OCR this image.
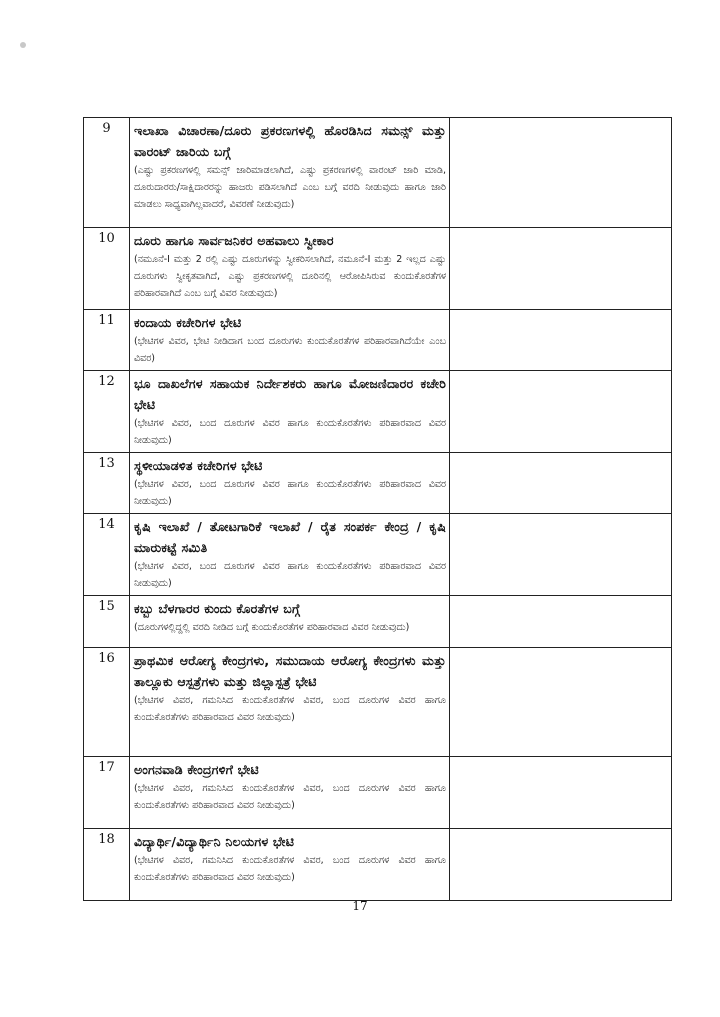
9	ಇಲಾಖಾ ವಿಚಾರಣಾ/ದೂರು ಪ್ರಕರಣಗಳಲ್ಲಿ ಹೊರಡಿಸಿದ ಸಮನ್ಸ್ ಮತ್ತು ವಾರಂಟ್ ಜಾರಿಯ ಬಗ್ಗೆ
(ಎಷ್ಟು ಪ್ರಕರಣಗಳಲ್ಲಿ ಸಮನ್ಸ್ ಜಾರಿಮಾಡಲಾಗಿದೆ, ಎಷ್ಟು ಪ್ರಕರಣಗಳಲ್ಲಿ ವಾರಂಟ್ ಜಾರಿ ಮಾಡಿ, ದೂರುದಾರರು/ಸಾಕ್ಷಿದಾರರನ್ನು ಹಾಜರು ಪಡಿಸಲಾಗಿದೆ ಎಂಬ ಬಗ್ಗೆ ವರದಿ ನೀಡುವುದು ಹಾಗೂ ಜಾರಿ ಮಾಡಲು ಸಾಧ್ಯವಾಗಿಲ್ಲವಾದರೆ, ವಿವರಣೆ ನೀಡುವುದು)	

10	ದೂರು ಹಾಗೂ ಸಾರ್ವಜನಿಕರ ಅಹವಾಲು ಸ್ವೀಕಾರ
(ನಮೂನೆ-I ಮತ್ತು 2 ರಲ್ಲಿ ಎಷ್ಟು ದೂರುಗಳನ್ನು ಸ್ವೀಕರಿಸಲಾಗಿದೆ, ನಮೂನೆ-I ಮತ್ತು 2 ಇಲ್ಲದ ಎಷ್ಟು ದೂರುಗಳು ಸ್ವೀಕೃತವಾಗಿದೆ, ಎಷ್ಟು ಪ್ರಕರಣಗಳಲ್ಲಿ ದೂರಿನಲ್ಲಿ ಆರೋಪಿಸಿರುವ ಕುಂದುಕೊರತೆಗಳ ಪರಿಹಾರವಾಗಿದೆ ಎಂಬ ಬಗ್ಗೆ ವಿವರ ನೀಡುವುದು)	

11	ಕಂದಾಯ ಕಚೇರಿಗಳ ಭೇಟಿ
(ಭೇಟಿಗಳ ವಿವರ, ಭೇಟಿ ನೀಡಿದಾಗ ಬಂದ ದೂರುಗಳು ಕುಂದುಕೊರತೆಗಳ ಪರಿಹಾರವಾಗಿದೆಯೇ ಎಂಬ ವಿವರ)	

12	ಭೂ ದಾಖಲೆಗಳ ಸಹಾಯಕ ನಿರ್ದೇಶಕರು ಹಾಗೂ ಮೋಜಣಿದಾರರ ಕಚೇರಿ ಭೇಟಿ
(ಭೇಟಿಗಳ ವಿವರ, ಬಂದ ದೂರುಗಳ ವಿವರ ಹಾಗೂ ಕುಂದುಕೊರತೆಗಳು ಪರಿಹಾರವಾದ ವಿವರ ನೀಡುವುದು)	

13	ಸ್ಥಳೀಯಾಡಳಿತ ಕಚೇರಿಗಳ ಭೇಟಿ
(ಭೇಟಿಗಳ ವಿವರ, ಬಂದ ದೂರುಗಳ ವಿವರ ಹಾಗೂ ಕುಂದುಕೊರತೆಗಳು ಪರಿಹಾರವಾದ ವಿವರ ನೀಡುವುದು)	

14	ಕೃಷಿ ಇಲಾಖೆ / ತೋಟಗಾರಿಕೆ ಇಲಾಖೆ / ರೈತ ಸಂಪರ್ಕ ಕೇಂದ್ರ / ಕೃಷಿ ಮಾರುಕಟ್ಟೆ ಸಮಿತಿ
(ಭೇಟಿಗಳ ವಿವರ, ಬಂದ ದೂರುಗಳ ವಿವರ ಹಾಗೂ ಕುಂದುಕೊರತೆಗಳು ಪರಿಹಾರವಾದ ವಿವರ ನೀಡುವುದು)	

15	ಕಬ್ಬು ಬೆಳಗಾರರ ಕುಂದು ಕೊರತೆಗಳ ಬಗ್ಗೆ
(ದೂರುಗಳಲ್ಲಿದ್ದಲ್ಲಿ ವರದಿ ನೀಡಿದ ಬಗ್ಗೆ ಕುಂದುಕೊರತೆಗಳ ಪರಿಹಾರವಾದ ವಿವರ ನೀಡುವುದು)	

16	ಪ್ರಾಥಮಿಕ ಆರೋಗ್ಯ ಕೇಂದ್ರಗಳು, ಸಮುದಾಯ ಆರೋಗ್ಯ ಕೇಂದ್ರಗಳು ಮತ್ತು ತಾಲ್ಲೂಕು ಆಸ್ಪತ್ರೆಗಳು ಮತ್ತು ಜಿಲ್ಲಾಸ್ಪತ್ರೆ ಭೇಟಿ
(ಭೇಟಿಗಳ ವಿವರ, ಗಮನಿಸಿದ ಕುಂದುಕೊರತೆಗಳ ವಿವರ, ಬಂದ ದೂರುಗಳ ವಿವರ ಹಾಗೂ ಕುಂದುಕೊರತೆಗಳು ಪರಿಹಾರವಾದ ವಿವರ ನೀಡುವುದು)	

17	ಅಂಗನವಾಡಿ ಕೇಂದ್ರಗಳಿಗೆ ಭೇಟಿ
(ಭೇಟಿಗಳ ವಿವರ, ಗಮನಿಸಿದ ಕುಂದುಕೊರತೆಗಳ ವಿವರ, ಬಂದ ದೂರುಗಳ ವಿವರ ಹಾಗೂ ಕುಂದುಕೊರತೆಗಳು ಪರಿಹಾರವಾದ ವಿವರ ನೀಡುವುದು)	

18	ವಿದ್ಯಾರ್ಥಿ/ವಿದ್ಯಾರ್ಥಿನಿ ನಿಲಯಗಳ ಭೇಟಿ
(ಭೇಟಿಗಳ ವಿವರ, ಗಮನಿಸಿದ ಕುಂದುಕೊರತೆಗಳ ವಿವರ, ಬಂದ ದೂರುಗಳ ವಿವರ ಹಾಗೂ ಕುಂದುಕೊರತೆಗಳು ಪರಿಹಾರವಾದ ವಿವರ ನೀಡುವುದು)	

17
